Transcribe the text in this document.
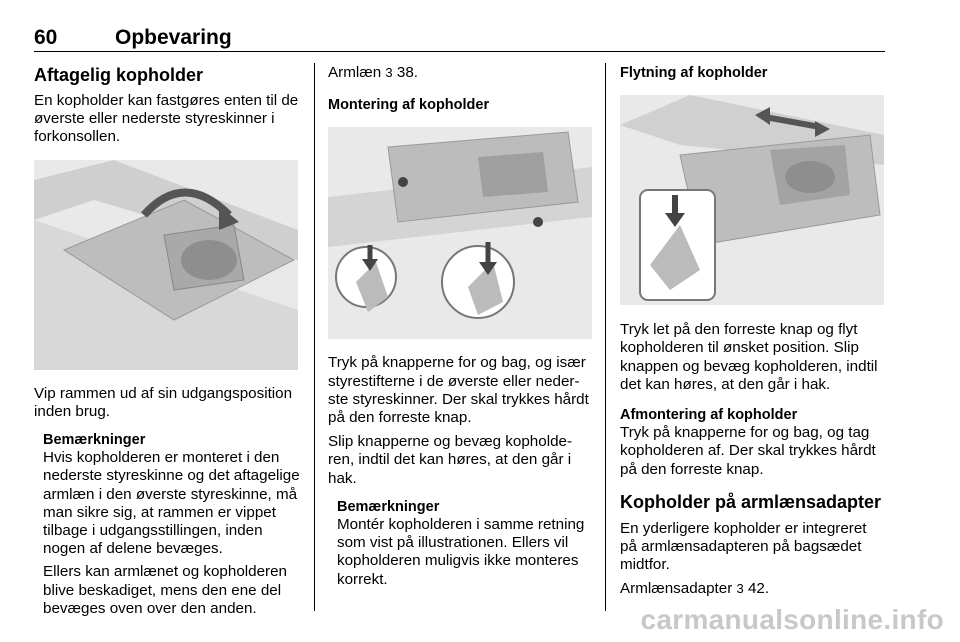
60	Opbevaring

Aftagelig kopholder

En kopholder kan fastgøres enten til de øverste eller nederste styreskinner i forkonsollen.

Vip rammen ud af sin udgangsposition inden brug.

Bemærkninger

Hvis kopholderen er monteret i den nederste styreskinne og det aftagelige armlæn i den øverste styreskinne, må man sikre sig, at rammen er vippet tilbage i udgangsstillingen, inden nogen af delene bevæges.

Ellers kan armlænet og kopholderen blive beskadiget, mens den ene del bevæges oven over den anden.

Armlæn 3 38.

Montering af kopholder

Tryk på knapperne for og bag, og især styrestifterne i de øverste eller nederste styreskinner. Der skal trykkes hårdt på den forreste knap.

Slip knapperne og bevæg kopholderen, indtil det kan høres, at den går i hak.

Bemærkninger

Montér kopholderen i samme retning som vist på illustrationen. Ellers vil kopholderen muligvis ikke monteres korrekt.

Flytning af kopholder

Tryk let på den forreste knap og flyt kopholderen til ønsket position. Slip knappen og bevæg kopholderen, indtil det kan høres, at den går i hak.

Afmontering af kopholder

Tryk på knapperne for og bag, og tag kopholderen af. Der skal trykkes hårdt på den forreste knap.

Kopholder på armlænsadapter

En yderligere kopholder er integreret på armlænsadapteren på bagsædet midtfor.

Armlænsadapter 3 42.

carmanualsonline.info
